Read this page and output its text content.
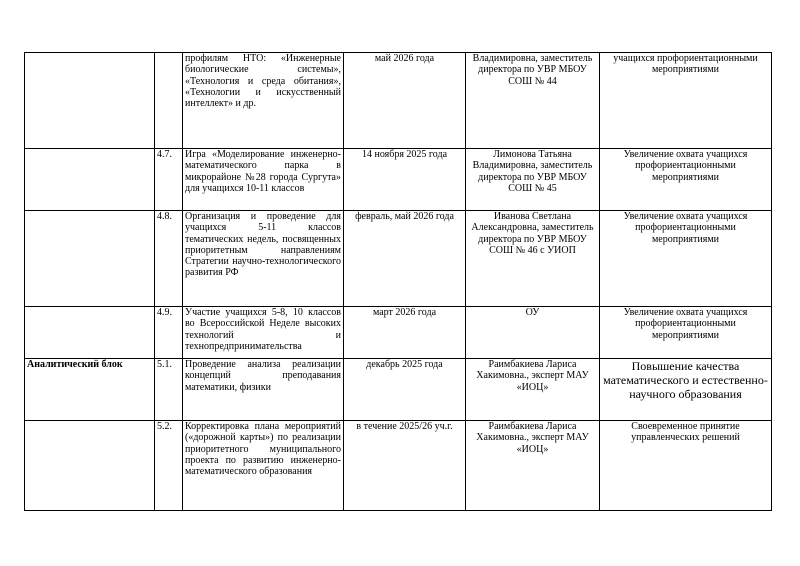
		профилям НТО: «Инженерные биологические системы», «Технология и среда обитания», «Технологии и искусственный интеллект» и др.	май 2026 года	Владимировна, заместитель директора по УВР МБОУ СОШ № 44	учащихся профориентационными мероприятиями
	4.7.	Игра «Моделирование инженерно-математического парка в микрорайоне №28 города Сургута» для учащихся 10-11 классов	14 ноября 2025 года	Лимонова Татьяна Владимировна, заместитель директора по УВР МБОУ СОШ № 45	Увеличение охвата учащихся профориентационными мероприятиями
	4.8.	Организация и проведение для учащихся 5-11 классов тематических недель, посвященных приоритетным направлениям Стратегии научно-технологического развития РФ	февраль, май 2026 года	Иванова Светлана Александровна, заместитель директора по УВР МБОУ СОШ № 46 с УИОП	Увеличение охвата учащихся профориентационными мероприятиями
	4.9.	Участие учащихся 5-8, 10 классов во Всероссийской Неделе высоких технологий и технопредпринимательства	март 2026 года	ОУ	Увеличение охвата учащихся профориентационными мероприятиями
Аналитический блок	5.1.	Проведение анализа реализации концепций преподавания математики, физики	декабрь 2025 года	Раимбакиева Лариса Хакимовна., эксперт МАУ «ИОЦ»	Повышение качества математического и естественно-научного образования
	5.2.	Корректировка плана мероприятий («дорожной карты») по реализации приоритетного муниципального проекта по развитию инженерно-математического образования	в течение 2025/26 уч.г.	Раимбакиева Лариса Хакимовна., эксперт МАУ «ИОЦ»	Своевременное принятие управленческих решений
